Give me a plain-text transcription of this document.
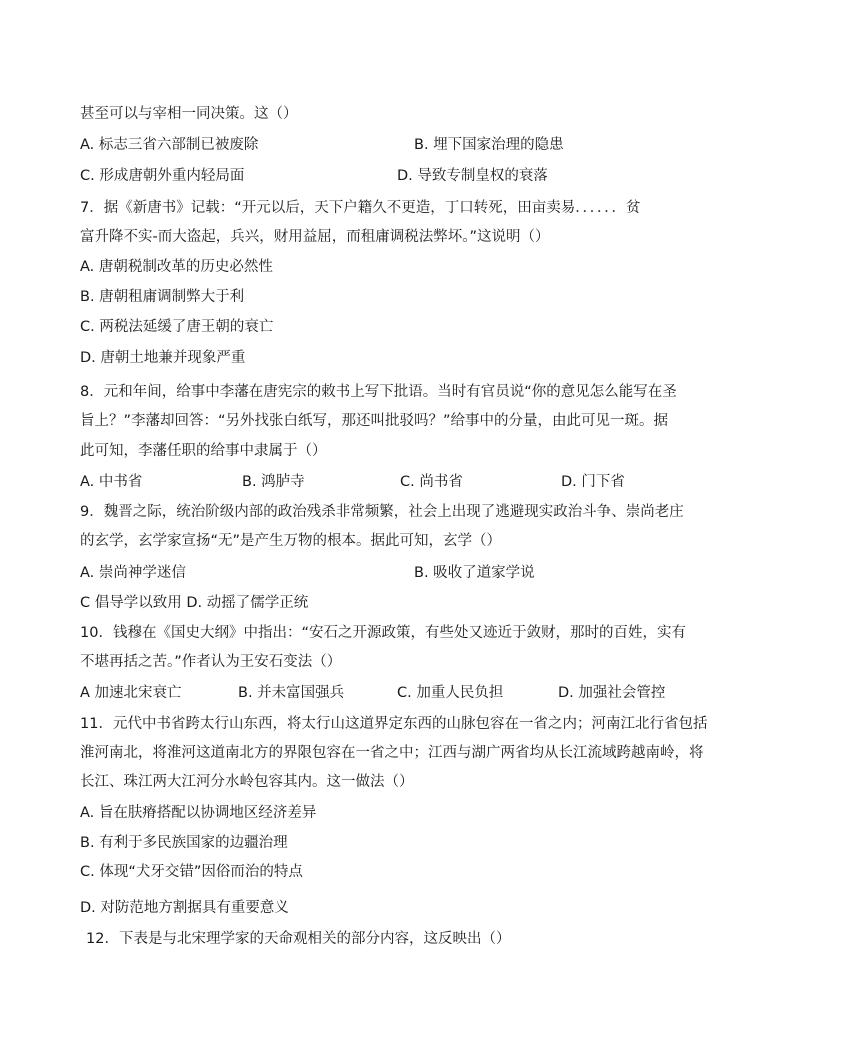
甚至可以与宰相一同决策。这（）
A. 标志三省六部制已被废除	B. 埋下国家治理的隐患
C. 形成唐朝外重内轻局面	D. 导致专制皇权的衰落
7．据《新唐书》记载：“开元以后，天下户籍久不更造，丁口转死，田亩卖易．．．．．．贫
富升降不实-而大盗起，兵兴，财用益屈，而租庸调税法弊坏。”这说明（）
A. 唐朝税制改革的历史必然性
B. 唐朝租庸调制弊大于利
C. 两税法延缓了唐王朝的衰亡
D. 唐朝土地兼并现象严重
8．元和年间，给事中李藩在唐宪宗的敕书上写下批语。当时有官员说“你的意见怎么能写在圣
旨上？”李藩却回答：“另外找张白纸写，那还叫批驳吗？”给事中的分量，由此可见一斑。据
此可知，李藩任职的给事中隶属于（）
A. 中书省	B. 鸿胪寺	C. 尚书省	D. 门下省
9．魏晋之际，统治阶级内部的政治残杀非常频繁，社会上出现了逃避现实政治斗争、崇尚老庄
的玄学，玄学家宣扬“无”是产生万物的根本。据此可知，玄学（）
A. 崇尚神学迷信	B. 吸收了道家学说
C 倡导学以致用 D. 动摇了儒学正统
10．钱穆在《国史大纲》中指出：“安石之开源政策，有些处又迹近于敛财，那时的百姓，实有
不堪再括之苦。”作者认为王安石变法（）
A 加速北宋衰亡	B. 并未富国强兵	C. 加重人民负担	D. 加强社会管控
11．元代中书省跨太行山东西，将太行山这道界定东西的山脉包容在一省之内；河南江北行省包括
淮河南北，将淮河这道南北方的界限包容在一省之中；江西与湖广两省均从长江流域跨越南岭，将
长江、珠江两大江河分水岭包容其内。这一做法（）
A. 旨在肤瘠搭配以协调地区经济差异
B. 有利于多民族国家的边疆治理
C. 体现“犬牙交错”因俗而治的特点
D. 对防范地方割据具有重要意义
12．下表是与北宋理学家的天命观相关的部分内容，这反映出（）
